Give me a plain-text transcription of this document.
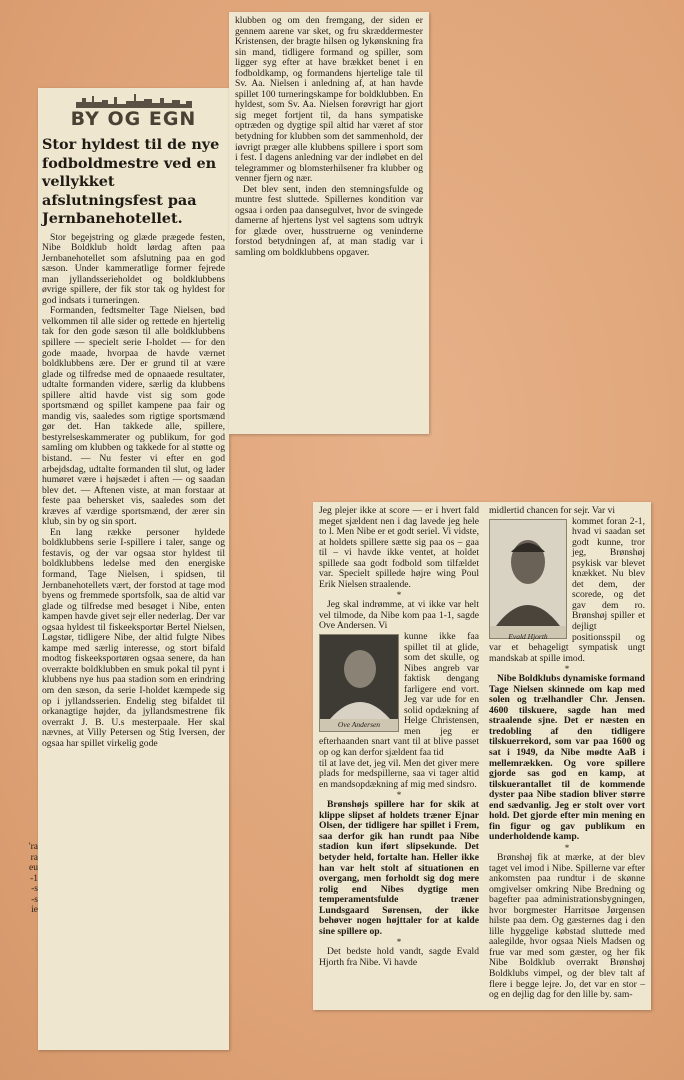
'ra
ra
eu
-1
-s
-s
ie
BY OG EGN
Stor hyldest til de nye fodboldmestre ved en vellykket afslutningsfest paa Jernbanehotellet.

Stor begejstring og glæde prægede festen, Nibe Boldklub holdt lørdag aften paa Jernbanehotellet som afslutning paa en god sæson. Under kammeratlige former fejrede man jyllandsserieholdet og boldklubbens øvrige spillere, der fik stor tak og hyldest for god indsats i turneringen.

Formanden, fedtsmelter Tage Nielsen, bød velkommen til alle sider og rettede en hjertelig tak for den gode sæson til alle boldklubbens spillere — specielt serie I-holdet — for den gode maade, hvorpaa de havde værnet boldklubbens ære. Der er grund til at være glade og tilfredse med de opnaaede resultater, udtalte formanden videre, særlig da klubbens spillere altid havde vist sig som gode sportsmænd og spillet kampene paa fair og mandig vis, saaledes som rigtige sportsmænd gør det. Han takkede alle, spillere, bestyrelseskammerater og publikum, for god samling om klubben og takkede for al støtte og bistand. — Nu fester vi efter en god arbejdsdag, udtalte formanden til slut, og lader humøret være i højsædet i aften — og saadan blev det. — Aftenen viste, at man forstaar at feste paa behersket vis, saaledes som det kræves af værdige sportsmænd, der ærer sin klub, sin by og sin sport.

En lang række personer hyldede boldklubbens serie I-spillere i taler, sange og festavis, og der var ogsaa stor hyldest til boldklubbens ledelse med den energiske formand, Tage Nielsen, i spidsen, til Jernbanehotellets vært, der forstod at tage mod byens og fremmede sportsfolk, saa de altid var glade og tilfredse med besøget i Nibe, enten kampen havde givet sejr eller nederlag. Der var ogsaa hyldest til fiskeeksportør Bertel Nielsen, Løgstør, tidligere Nibe, der altid fulgte Nibes kampe med særlig interesse, og stort bifald modtog fiskeeksportøren ogsaa senere, da han overrakte boldklubben en smuk pokal til pynt i klubbens nye hus paa stadion som en erindring om den sæson, da serie I-holdet kæmpede sig op i jyllandsserien. Endelig steg bifaldet til orkanagtige højder, da jyllandsmestrene fik overrakt J. B. U.s mesterpaale. Her skal nævnes, at Villy Petersen og Stig Iversen, der ogsaa har spillet virkelig gode

klubben og om den fremgang, der siden er gennem aarene var sket, og fru skræddermester Kristensen, der bragte hilsen og lykønskning fra sin mand, tidligere formand og spiller, som ligger syg efter at have brækket benet i en fodboldkamp, og formandens hjertelige tale til Sv. Aa. Nielsen i anledning af, at han havde spillet 100 turneringskampe for boldklubben. En hyldest, som Sv. Aa. Nielsen forøvrigt har gjort sig meget fortjent til, da hans sympatiske optræden og dygtige spil altid har været af stor betydning for klubben som det sammenhold, der iøvrigt præger alle klubbens spillere i sport som i fest. I dagens anledning var der indløbet en del telegrammer og blomsterhilsener fra klubber og venner fjern og nær.

Det blev sent, inden den stemningsfulde og muntre fest sluttede. Spillernes kondition var ogsaa i orden paa dansegulvet, hvor de svingede damerne af hjertens lyst vel sagtens som udtryk for glæde over, husstruerne og veninderne forstod betydningen af, at man stadig var i samling om boldklubbens opgaver.

Jeg plejer ikke at score — er i hvert fald meget sjældent nen i dag lavede jeg hele to l. Men Nibe er et godt seriel. Vi vidste, at holdets spillere sætte sig paa os – gaa til – vi havde ikke ventet, at holdet spillede saa godt fodbold som tilfældet var. Specielt spillede højre wing Poul Erik Nielsen straalende.

*

Jeg skal indrømme, at vi ikke var helt vel tilmode, da Nibe kom paa 1-1, sagde Ove Andersen. Vi

Ove Andersen

kunne ikke faa spillet til at glide, som det skulle, og Nibes angreb var faktisk dengang farligere end vort. Jeg var ude for en solid opdækning af Helge Christensen, men jeg er efterhaanden snart vant til at blive passet op og kan derfor sjældent faa tid

til at lave det, jeg vil. Men det giver mere plads for medspillerne, saa vi tager altid en mandsopdækning af mig med sindsro.

*

Brønshøjs spillere har for skik at klippe slipset af holdets træner Ejnar Olsen, der tidligere har spillet i Frem, saa derfor gik han rundt paa Nibe stadion kun iført slipsekunde. Det betyder held, fortalte han. Heller ikke han var helt stolt af situationen en overgang, men forholdt sig dog mere rolig end Nibes dygtige men temperamentsfulde træner Lundsgaard Sørensen, der ikke behøver nogen højttaler for at kalde sine spillere op.

*

Det bedste hold vandt, sagde Evald Hjorth fra Nibe. Vi havde

midlertid chancen for sejr. Var vi

Evald Hjorth

kommet foran 2-1, hvad vi saadan set godt kunne, tror jeg, Brønshøj psykisk var blevet knækket. Nu blev det dem, der scorede, og det gav dem ro. Brønshøj spiller et dejligt positionsspil og var et behageligt sympatisk ungt mandskab at spille imod.

*

Nibe Boldklubs dynamiske formand Tage Nielsen skinnede om kap med solen og trælhandler Chr. Jensen. 4600 tilskuere, sagde han med straalende sjne. Det er næsten en tredobling af den tidligere tilskuerrekord, som var paa 1600 og sat i 1949, da Nibe mødte AaB i mellemrækken. Og vore spillere gjorde sas god en kamp, at tilskuerantallet til de kommende dyster paa Nibe stadion bliver større end sædvanlig. Jeg er stolt over vort hold. Det gjorde efter min mening en fin figur og gav publikum en underholdende kamp.

*

Brønshøj fik at mærke, at der blev taget vel imod i Nibe. Spillerne var efter ankomsten paa rundtur i de skønne omgivelser omkring Nibe Bredning og bagefter paa administrationsbygningen, hvor borgmester Harritsøe Jørgensen hilste paa dem. Og gæsternes dag i den lille hyggelige købstad sluttede med aalegilde, hvor ogsaa Niels Madsen og frue var med som gæster, og her fik Nibe Boldklub overrakt Brønshøj Boldklubs vimpel, og der blev talt af flere i begge lejre. Jo, det var en stor – og en dejlig dag for den lille by. sam-
